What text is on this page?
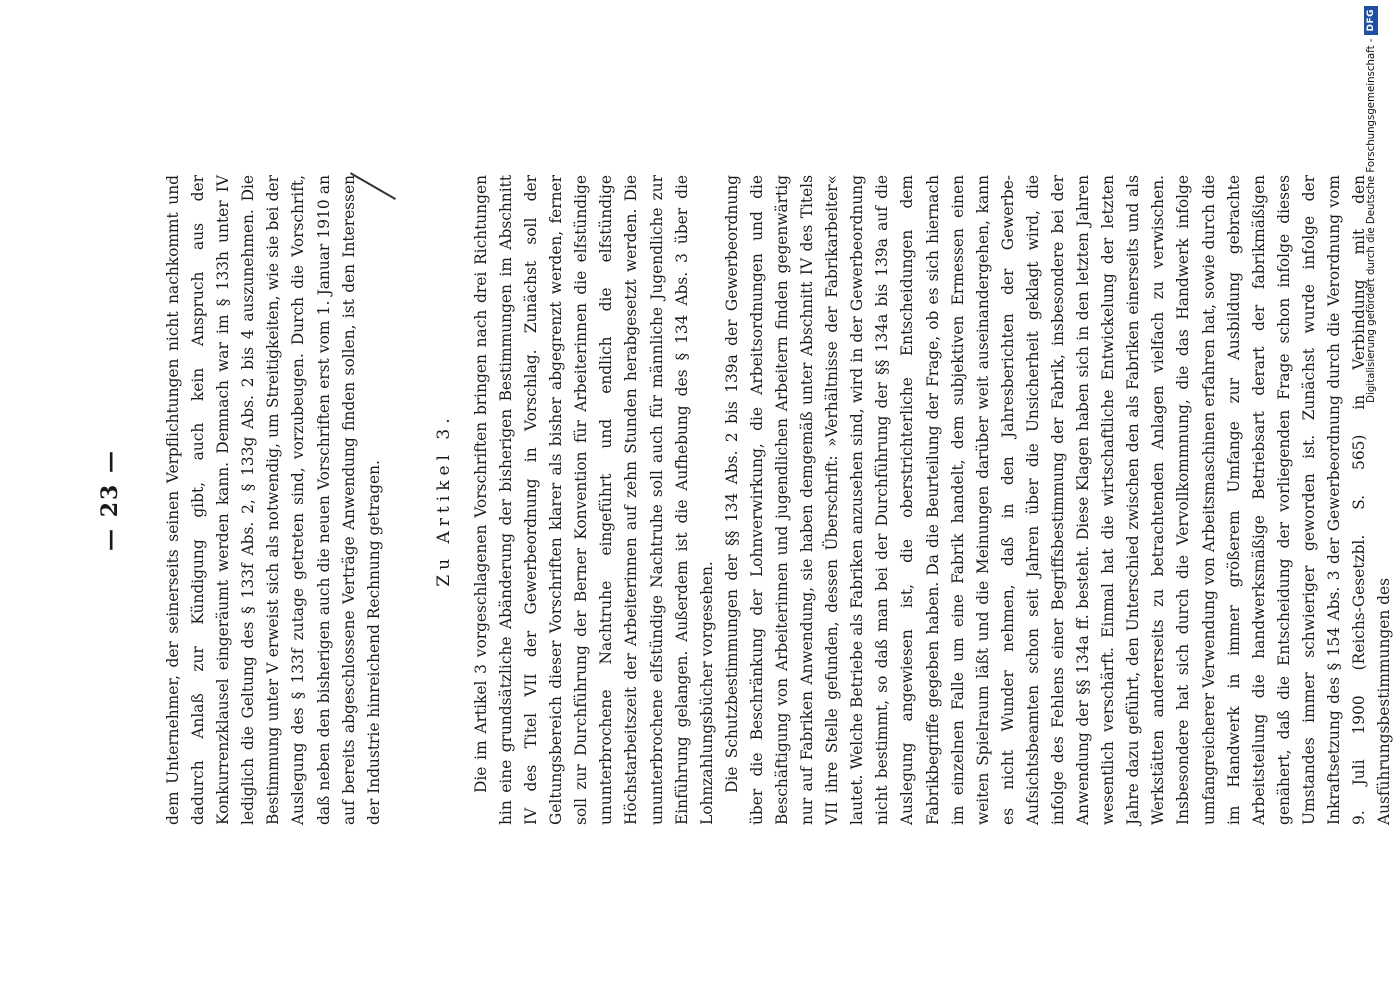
— 23 —	dem Unternehmer, der seinerseits seinen Verpflichtungen nicht nachkommt und dadurch Anlaß zur Kündigung gibt, auch kein Anspruch aus der Konkurrenzklausel eingeräumt werden kann. Demnach war im § 133h unter IV lediglich die Geltung des § 133f Abs. 2, § 133g Abs. 2 bis 4 auszunehmen. Die Bestimmung unter V erweist sich als notwendig, um Streitigkeiten, wie sie bei der Auslegung des § 133f zutage getreten sind, vorzubeugen. Durch die Vorschrift, daß neben den bisherigen auch die neuen Vorschriften erst vom 1. Januar 1910 an auf bereits abgeschlossene Verträge Anwendung finden sollen, ist den Interessen der Industrie hinreichend Rechnung getragen.	Zu Artikel 3. Die im Artikel 3 vorgeschlagenen Vorschriften bringen nach drei Richtungen hin eine grundsätzliche Abänderung der bisherigen Bestimmungen im Abschnitt IV des Titel VII der Gewerbeordnung in Vorschlag. Zunächst soll der Geltungsbereich dieser Vorschriften klarer als bisher abgegrenzt werden, ferner soll zur Durchführung der Berner Konvention für Arbeiterinnen die elfstündige ununterbrochene Nachtruhe eingeführt und endlich die elfstündige Höchstarbeitszeit der Arbeiterinnen auf zehn Stunden herabgesetzt werden. Die ununterbrochene elfstündige Nachtruhe soll auch für männliche Jugendliche zur Einführung gelangen. Außerdem ist die Aufhebung des § 134 Abs. 3 über die Lohnzahlungsbücher vorgesehen. Die Schutzbestimmungen der §§ 134 Abs. 2 bis 139a der Gewerbeordnung über die Beschränkung der Lohnverwirkung, die Arbeitsordnungen und die Beschäftigung von Arbeiterinnen und jugendlichen Arbeitern finden gegenwärtig nur auf Fabriken Anwendung, sie haben demgemäß unter Abschnitt IV des Titels VII ihre Stelle gefunden, dessen Überschrift: »Verhältnisse der Fabrikarbeiter« lautet. Welche Betriebe als Fabriken anzusehen sind, wird in der Gewerbeordnung nicht bestimmt, so daß man bei der Durchführung der §§ 134a bis 139a auf die Auslegung angewiesen ist, die oberstrichterliche Entscheidungen dem Fabrikbegriffe gegeben haben. Da die Beurteilung der Frage, ob es sich hiernach im einzelnen Falle um eine Fabrik handelt, dem subjektiven Ermessen einen weiten Spielraum läßt und die Meinungen darüber weit auseinandergehen, kann es nicht Wunder nehmen, daß in den Jahresberichten der Gewerbe-Aufsichtsbeamten schon seit Jahren über die Unsicherheit geklagt wird, die infolge des Fehlens einer Begriffsbestimmung der Fabrik, insbesondere bei der Anwendung der §§ 134a ff. besteht. Diese Klagen haben sich in den letzten Jahren wesentlich verschärft. Einmal hat die wirtschaftliche Entwickelung der letzten Jahre dazu geführt, den Unterschied zwischen den als Fabriken einerseits und als Werkstätten andererseits zu betrachtenden Anlagen vielfach zu verwischen. Insbesondere hat sich durch die Vervollkommnung, die das Handwerk infolge umfangreicherer Verwendung von Arbeitsmaschinen erfahren hat, sowie durch die im Handwerk in immer größerem Umfange zur Ausbildung gebrachte Arbeitsteilung die handwerksmäßige Betriebsart derart der fabrikmäßigen genähert, daß die Entscheidung der vorliegenden Frage schon infolge dieses Umstandes immer schwieriger geworden ist. Zunächst wurde infolge der Inkraftsetzung des § 154 Abs. 3 der Gewerbeordnung durch die Verordnung vom 9. Juli 1900 (Reichs-Gesetzbl. S. 565) in Verbindung mit den Ausführungsbestimmungen des

Digitalisierung gefördert durch die Deutsche Forschungsgemeinschaft -
DFG
